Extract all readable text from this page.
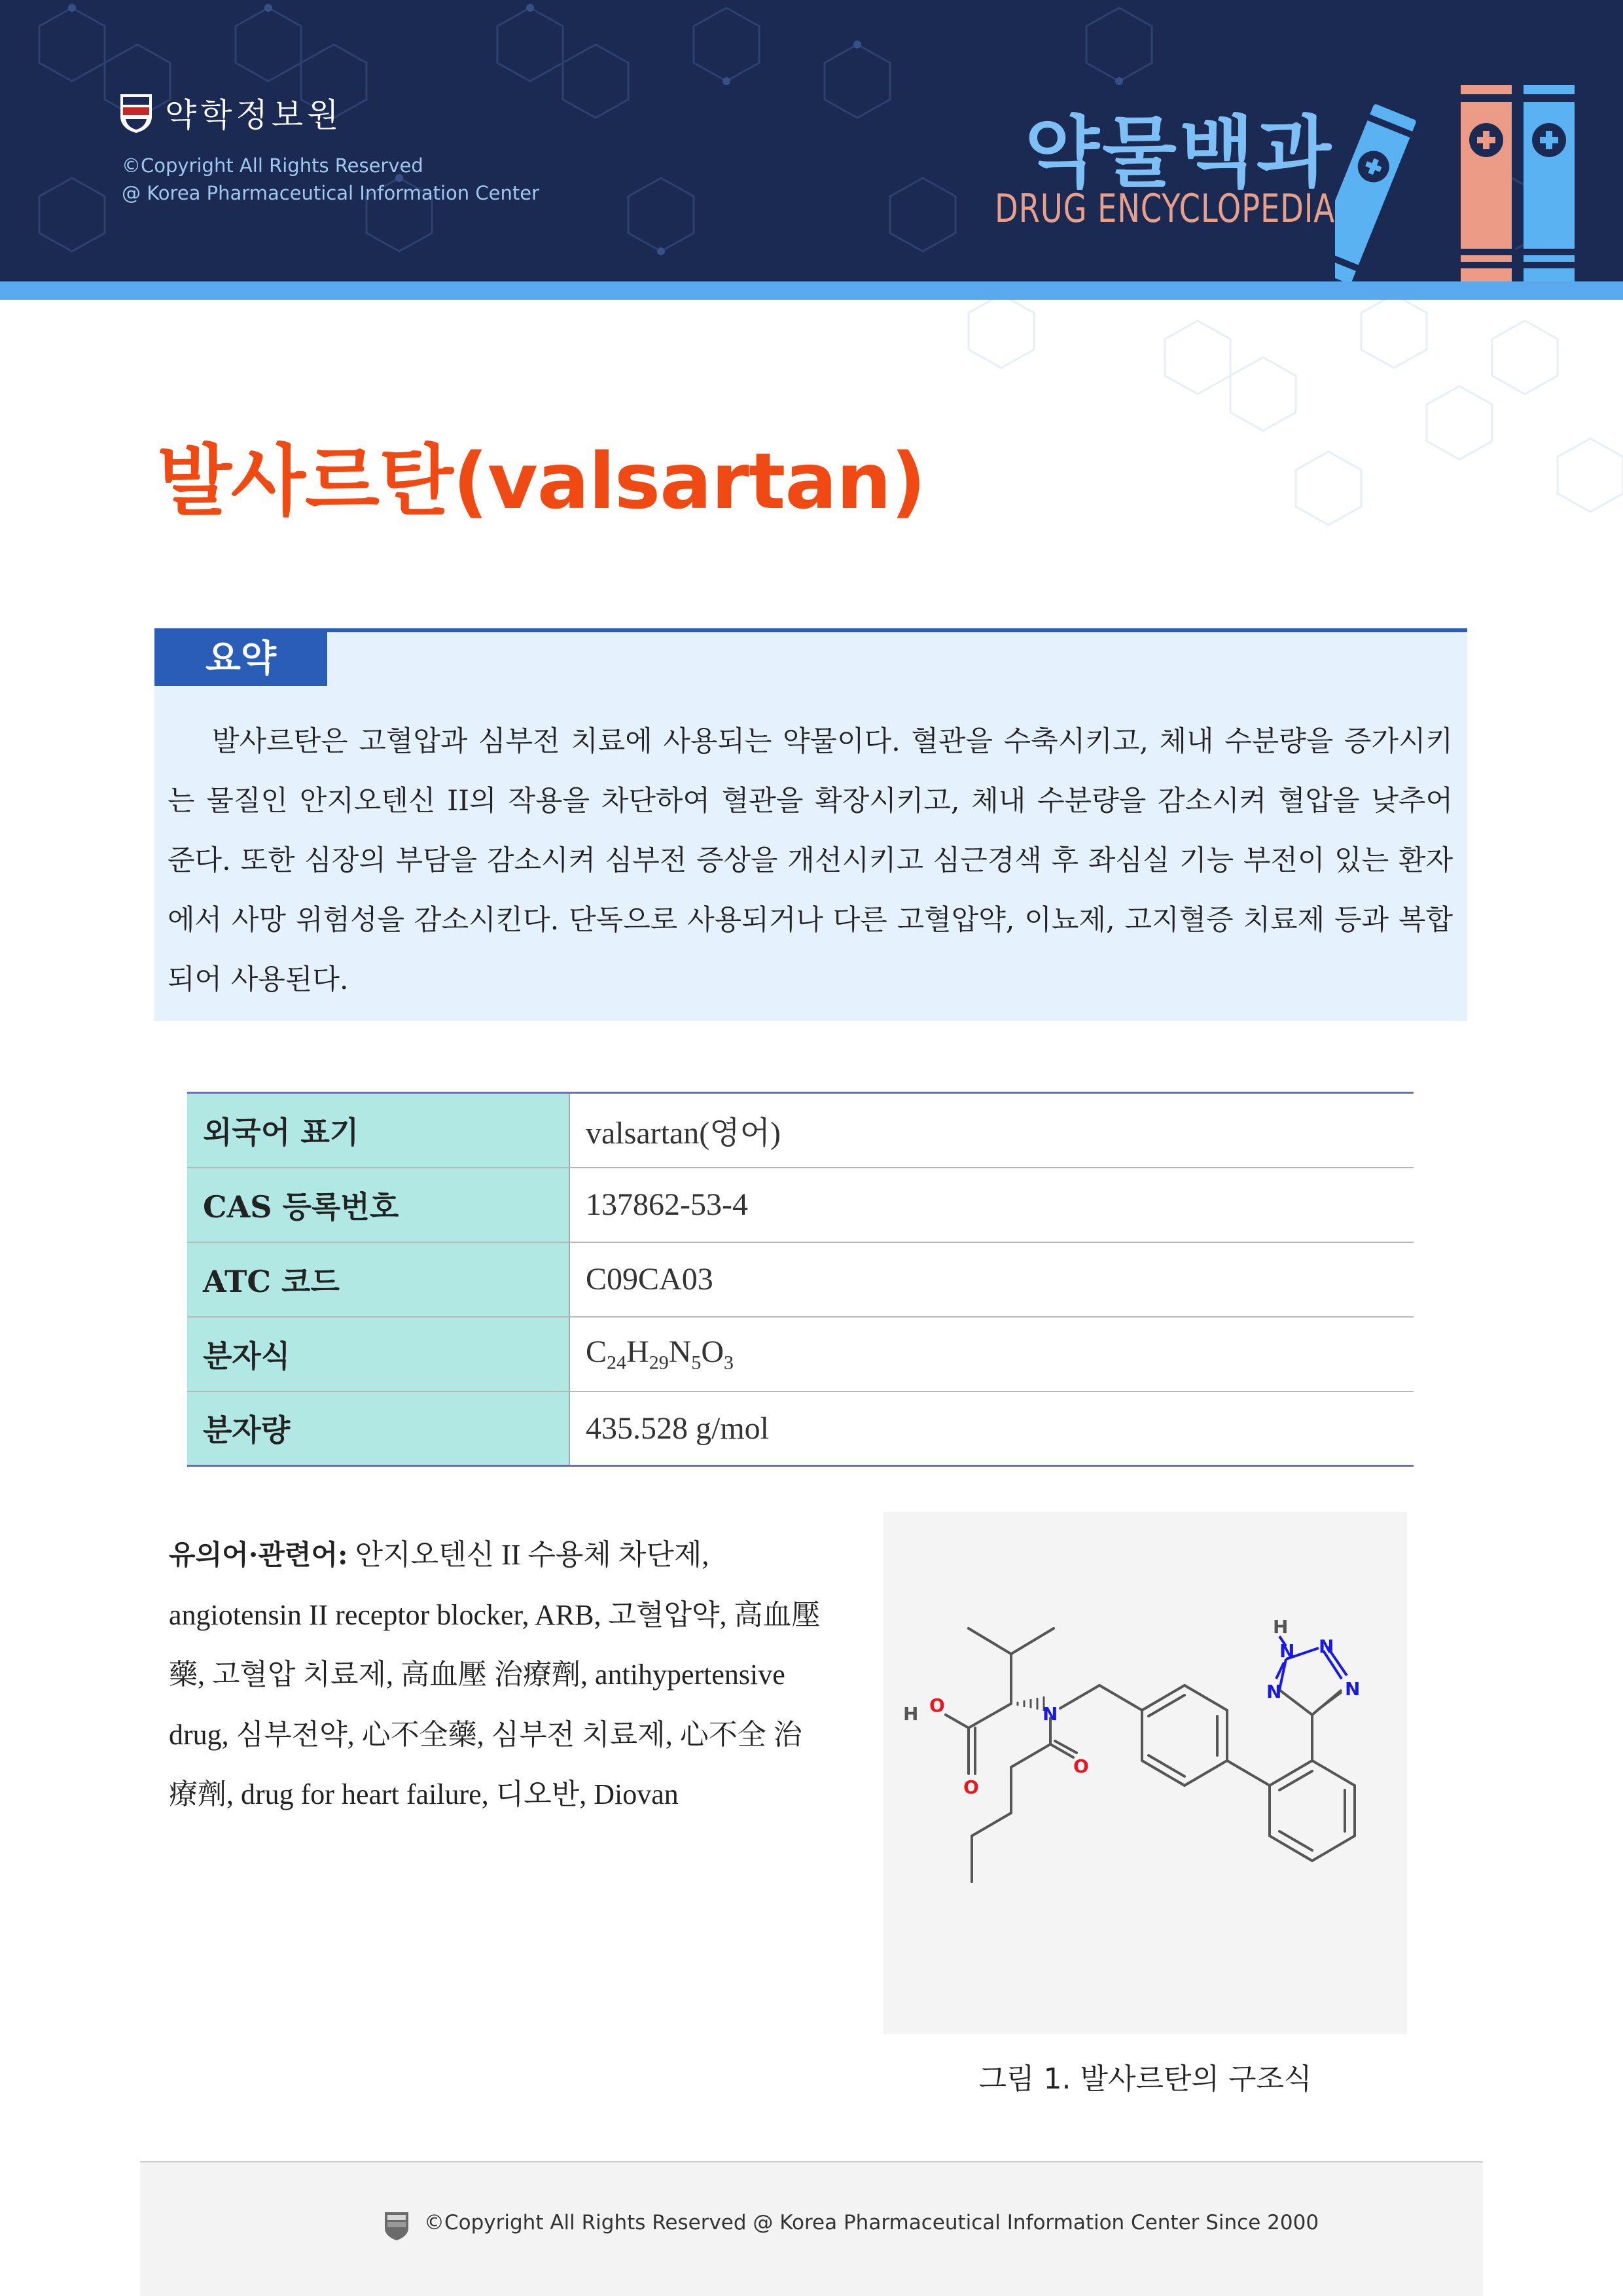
약학정보원
©Copyright All Rights Reserved
@ Korea Pharmaceutical Information Center	약물백과
DRUG ENCYCLOPEDIA
발사르탄(valsartan)
요약
발사르탄은 고혈압과 심부전 치료에 사용되는 약물이다. 혈관을 수축시키고, 체내 수분량을 증가시키는 물질인 안지오텐신 II의 작용을 차단하여 혈관을 확장시키고, 체내 수분량을 감소시켜 혈압을 낮추어 준다. 또한 심장의 부담을 감소시켜 심부전 증상을 개선시키고 심근경색 후 좌심실 기능 부전이 있는 환자에서 사망 위험성을 감소시킨다. 단독으로 사용되거나 다른 고혈압약, 이뇨제, 고지혈증 치료제 등과 복합되어 사용된다.
외국어 표기	valsartan(영어)
CAS 등록번호	137862-53-4
ATC 코드	C09CA03
분자식	$C_{24}H_{29}N_5O_3$
분자량	435.528 g/mol
유의어·관련어: 안지오텐신 II 수용체 차단제, angiotensin II receptor blocker, ARB, 고혈압약, 高血壓藥, 고혈압 치료제, 高血壓 治療劑, antihypertensive drug, 심부전약, 心不全藥, 심부전 치료제, 心不全 治療劑, drug for heart failure, 디오반, Diovan
H O
O
N
O
H
N N
N	N
그림 1. 발사르탄의 구조식
©Copyright All Rights Reserved @ Korea Pharmaceutical Information Center Since 2000
